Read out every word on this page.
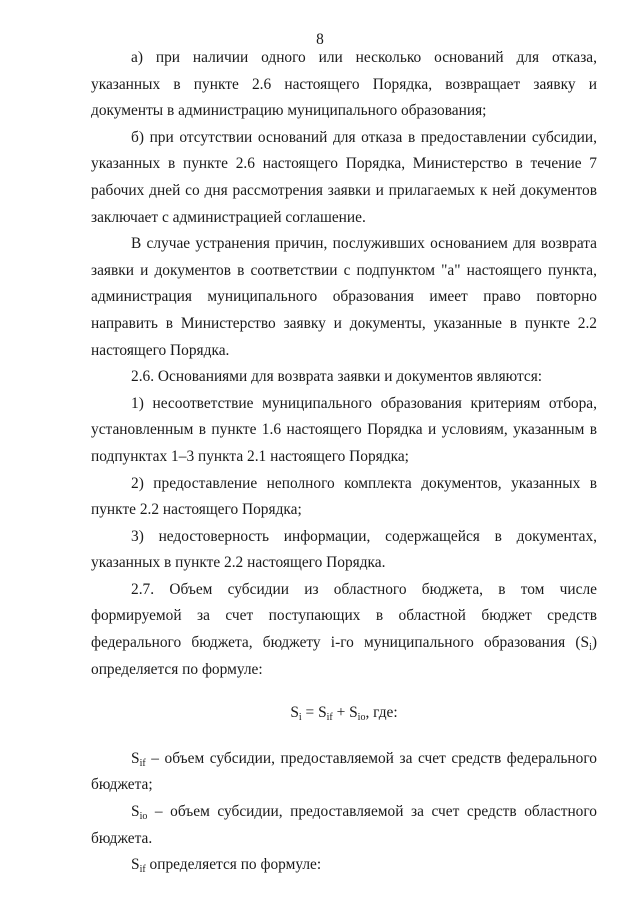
8

а) при наличии одного или несколько оснований для отказа, указанных в пункте 2.6 настоящего Порядка, возвращает заявку и документы в администрацию муниципального образования;

б) при отсутствии оснований для отказа в предоставлении субсидии, указанных в пункте 2.6 настоящего Порядка, Министерство в течение 7 рабочих дней со дня рассмотрения заявки и прилагаемых к ней документов заключает с администрацией соглашение.

В случае устранения причин, послуживших основанием для возврата заявки и документов в соответствии с подпунктом "а" настоящего пункта, администрация муниципального образования имеет право повторно направить в Министерство заявку и документы, указанные в пункте 2.2 настоящего Порядка.

2.6. Основаниями для возврата заявки и документов являются:

1) несоответствие муниципального образования критериям отбора, установленным в пункте 1.6 настоящего Порядка и условиям, указанным в подпунктах 1–3 пункта 2.1 настоящего Порядка;

2) предоставление неполного комплекта документов, указанных в пункте 2.2 настоящего Порядка;

3) недостоверность информации, содержащейся в документах, указанных в пункте 2.2 настоящего Порядка.

2.7. Объем субсидии из областного бюджета, в том числе формируемой за счет поступающих в областной бюджет средств федерального бюджета, бюджету i-го муниципального образования $(S_i)$ определяется по формуле:

$S_i = S_{if} + S_{io}$, где:

$S_{if}$ – объем субсидии, предоставляемой за счет средств федерального бюджета;

$S_{io}$ – объем субсидии, предоставляемой за счет средств областного бюджета.

$S_{if}$ определяется по формуле:
